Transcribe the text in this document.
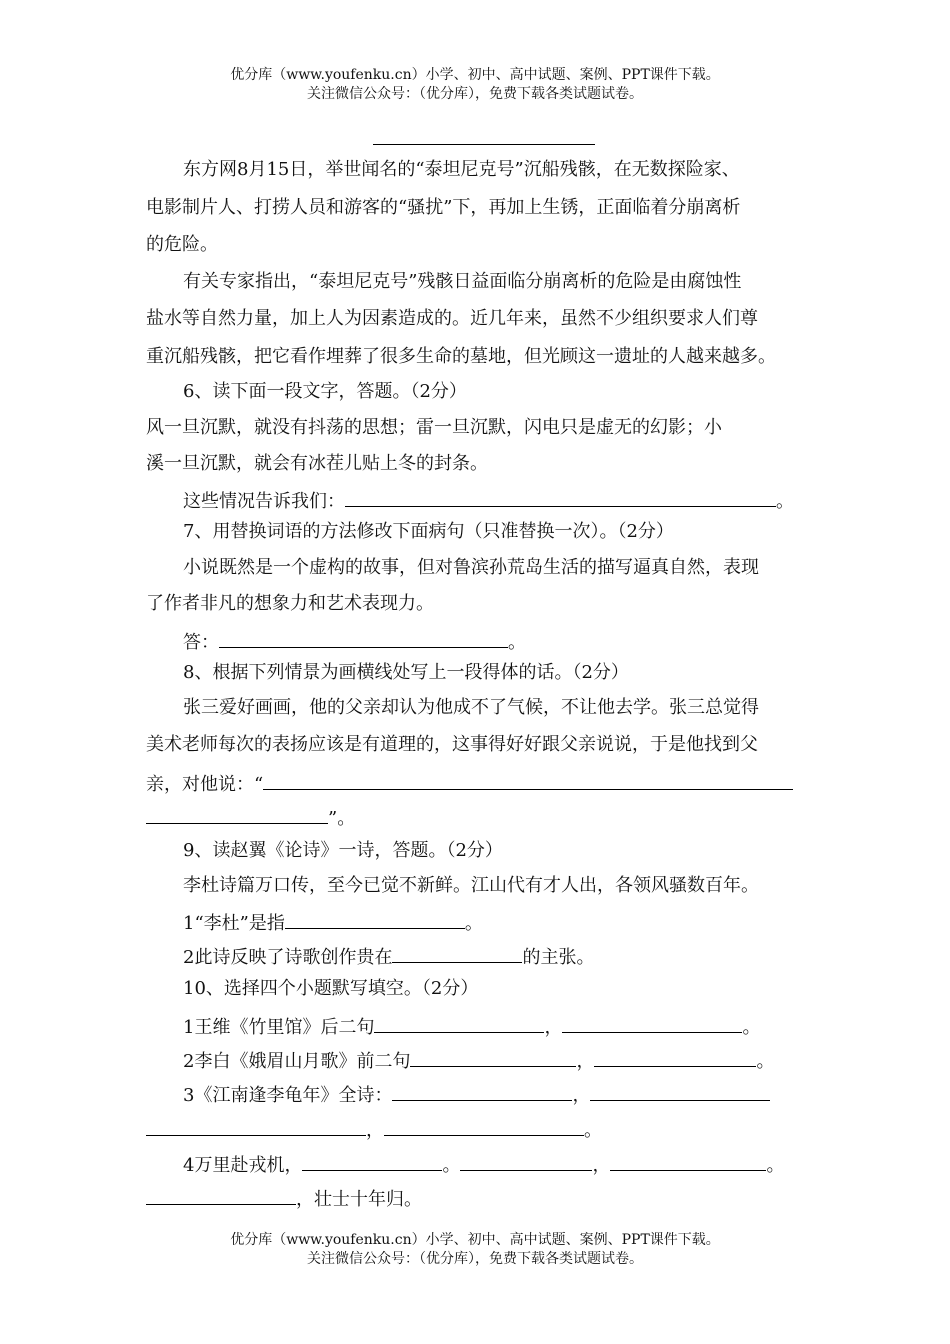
优分库（www.youfenku.cn）小学、初中、高中试题、案例、PPT课件下载。
关注微信公众号：（优分库），免费下载各类试题试卷。
东方网8月15日，举世闻名的“泰坦尼克号”沉船残骸，在无数探险家、
电影制片人、打捞人员和游客的“骚扰”下，再加上生锈，正面临着分崩离析
的危险。
有关专家指出，“泰坦尼克号”残骸日益面临分崩离析的危险是由腐蚀性
盐水等自然力量，加上人为因素造成的。近几年来，虽然不少组织要求人们尊
重沉船残骸，把它看作埋葬了很多生命的墓地，但光顾这一遗址的人越来越多。
6、读下面一段文字，答题。（2分）
风一旦沉默，就没有抖荡的思想；雷一旦沉默，闪电只是虚无的幻影；小
溪一旦沉默，就会有冰茬儿贴上冬的封条。
这些情况告诉我们：	。
7、用替换词语的方法修改下面病句（只准替换一次）。（2分）
小说既然是一个虚构的故事，但对鲁滨孙荒岛生活的描写逼真自然，表现
了作者非凡的想象力和艺术表现力。
答：	。
8、根据下列情景为画横线处写上一段得体的话。（2分）
张三爱好画画，他的父亲却认为他成不了气候，不让他去学。张三总觉得
美术老师每次的表扬应该是有道理的，这事得好好跟父亲说说，于是他找到父
亲，对他说：“
”。
9、读赵翼《论诗》一诗，答题。（2分）
李杜诗篇万口传，至今已觉不新鲜。江山代有才人出，各领风骚数百年。
1“李杜”是指	。
2此诗反映了诗歌创作贵在	的主张。
10、选择四个小题默写填空。（2分）
1王维《竹里馆》后二句	，	。
2李白《娥眉山月歌》前二句	，	。
3《江南逢李龟年》全诗：	，
，	。
4万里赴戎机，	。	，	。
，壮士十年归。
优分库（www.youfenku.cn）小学、初中、高中试题、案例、PPT课件下载。
关注微信公众号：（优分库），免费下载各类试题试卷。
